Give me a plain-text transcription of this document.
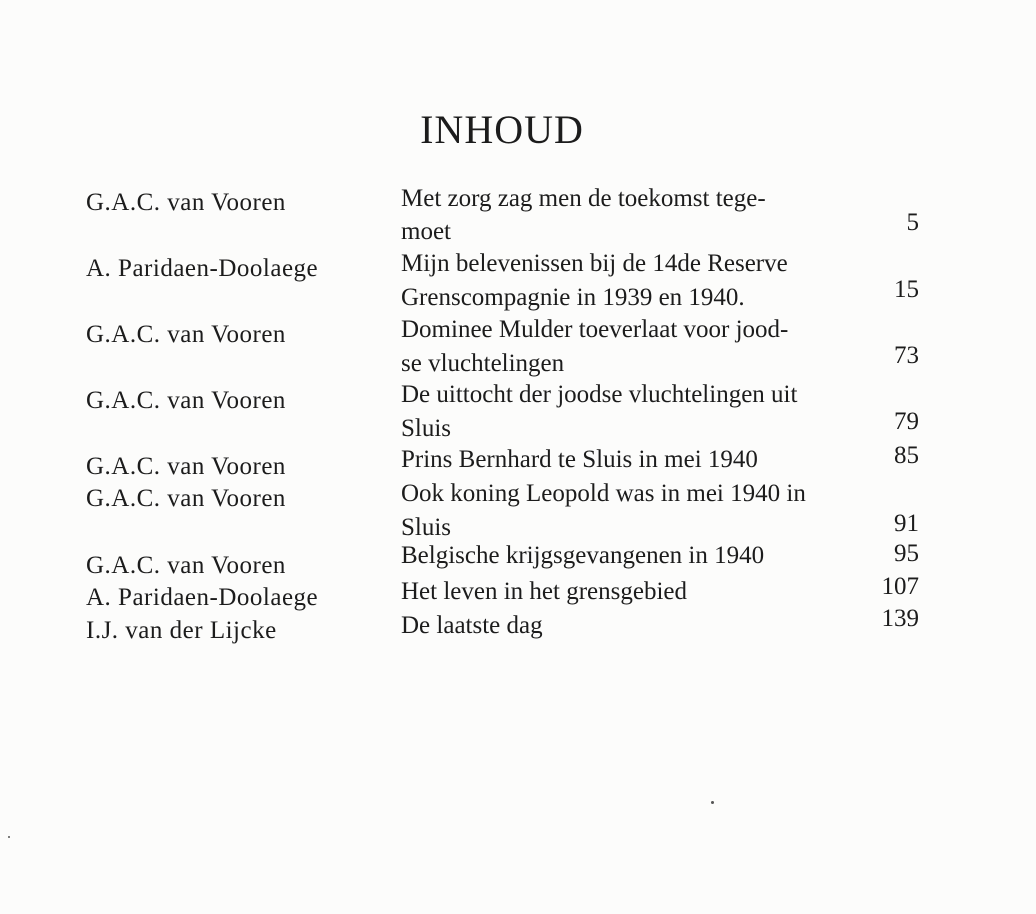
INHOUD
G.A.C. van Vooren	Met zorg zag men de toekomst tege-
moet	5
A. Paridaen-Doolaege	Mijn belevenissen bij de 14de Reserve
Grenscompagnie in 1939 en 1940.	15
G.A.C. van Vooren	Dominee Mulder toeverlaat voor jood-
se vluchtelingen	73
G.A.C. van Vooren	De uittocht der joodse vluchtelingen uit
Sluis	79
G.A.C. van Vooren	Prins Bernhard te Sluis in mei 1940	85
G.A.C. van Vooren	Ook koning Leopold was in mei 1940 in
Sluis	91
G.A.C. van Vooren	Belgische krijgsgevangenen in 1940	95
A. Paridaen-Doolaege	Het leven in het grensgebied	107
I.J. van der Lijcke	De laatste dag	139
